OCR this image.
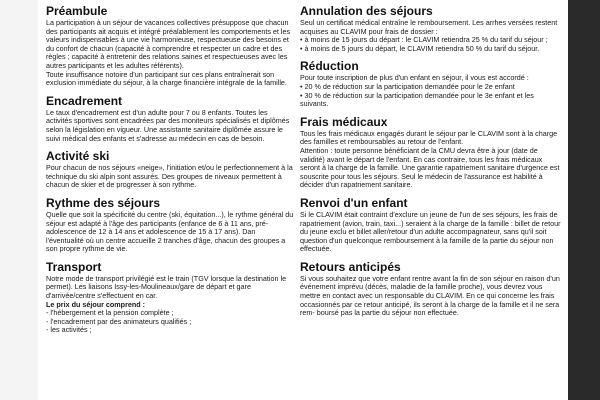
Préambule

La participation à un séjour de vacances collectives présuppose que chacun des participants ait acquis et intégré préalablement les comportements et les valeurs indispensables à une vie harmonieuse, respectueuse des besoins et du confort de chacun (capacité à comprendre et respecter un cadre et des règles ; capacité à entretenir des relations saines et respectueuses avec les autres participants et les adultes référents).

Toute insuffisance notoire d'un participant sur ces plans entraînerait son exclusion immédiate du séjour, à la charge financière intégrale de la famille.

Encadrement

Le taux d'encadrement est d'un adulte pour 7 ou 8 enfants. Toutes les activités sportives sont encadrées par des moniteurs spécialisés et diplômés selon la législation en vigueur. Une assistante sanitaire diplômée assure le suivi médical des enfants et s'adresse au médecin en cas de besoin.

Activité ski

Pour chacun de nos séjours «neige», l'initiation et/ou le perfectionnement à la technique du ski alpin sont assurés. Des groupes de niveaux permettent à chacun de skier et de progresser à son rythme.

Rythme des séjours

Quelle que soit la spécificité du centre (ski, équitation...), le rythme général du séjour est adapté à l'âge des participants (enfance de 6 à 11 ans, pré-adolescence de 12 à 14 ans et adolescence de 15 à 17 ans). Dan l'éventualité où un centre accueille 2 tranches d'âge, chacun des groupes a son propre rythme de vie.

Transport

Notre mode de transport privilégié est le train (TGV lorsque la destination le permet). Les liaisons Issy-les-Moulineaux/gare de départ et gare d'arrivée/centre s'effectuent en car.

Le prix du séjour comprend :

- l'hébergement et la pension complète ;
- l'encadrement par des animateurs qualifiés ;
- les activités ;
Annulation des séjours

Seul un certificat médical entraîne le remboursement. Les arrhes versées restent acquises au CLAVIM pour frais de dossier :

• à moins de 15 jours du départ : le CLAVIM retiendra 25 % du tarif du séjour ;
• à moins de 5 jours du départ, le CLAVIM retiendra 50 % du tarif du séjour.
Réduction

Pour toute inscription de plus d'un enfant en séjour, il vous est accordé :

• 20 % de réduction sur la participation demandée pour le 2e enfant
• 30 % de réduction sur la participation demandée pour le 3e enfant et les suivants.
Frais médicaux

Tous les frais médicaux engagés durant le séjour par le CLAVIM sont à la charge des familles et remboursables au retour de l'enfant.

Attention : toute personne bénéficiant de la CMU devra être à jour (date de validité) avant le départ de l'enfant. En cas contraire, tous les frais médicaux seront à la charge de la famille. Une garantie rapatriement sanitaire d'urgence est souscrite pour tous les séjours. Seul le médecin de l'assurance est habilité à décider d'un rapatriement sanitaire.

Renvoi d'un enfant

Si le CLAVIM était contraint d'exclure un jeune de l'un de ses séjours, les frais de rapatriement (avion, train, taxi...) seraient à la charge de la famille : billet de retour du jeune exclu et billet aller/retour d'un adulte accompagnateur, sans qu'il soit question d'un quelconque remboursement à la famille de la partie du séjour non effectuée.

Retours anticipés

Si vous souhaitez que votre enfant rentre avant la fin de son séjour en raison d'un événement imprévu (décès, maladie de la famille proche), vous devrez vous mettre en contact avec un responsable du CLAVIM. En ce qui concerne les frais occasionnés par ce retour anticipé, ils seront à la charge de la famille et il ne sera rem- boursé pas la partie du séjour non effectuée.
